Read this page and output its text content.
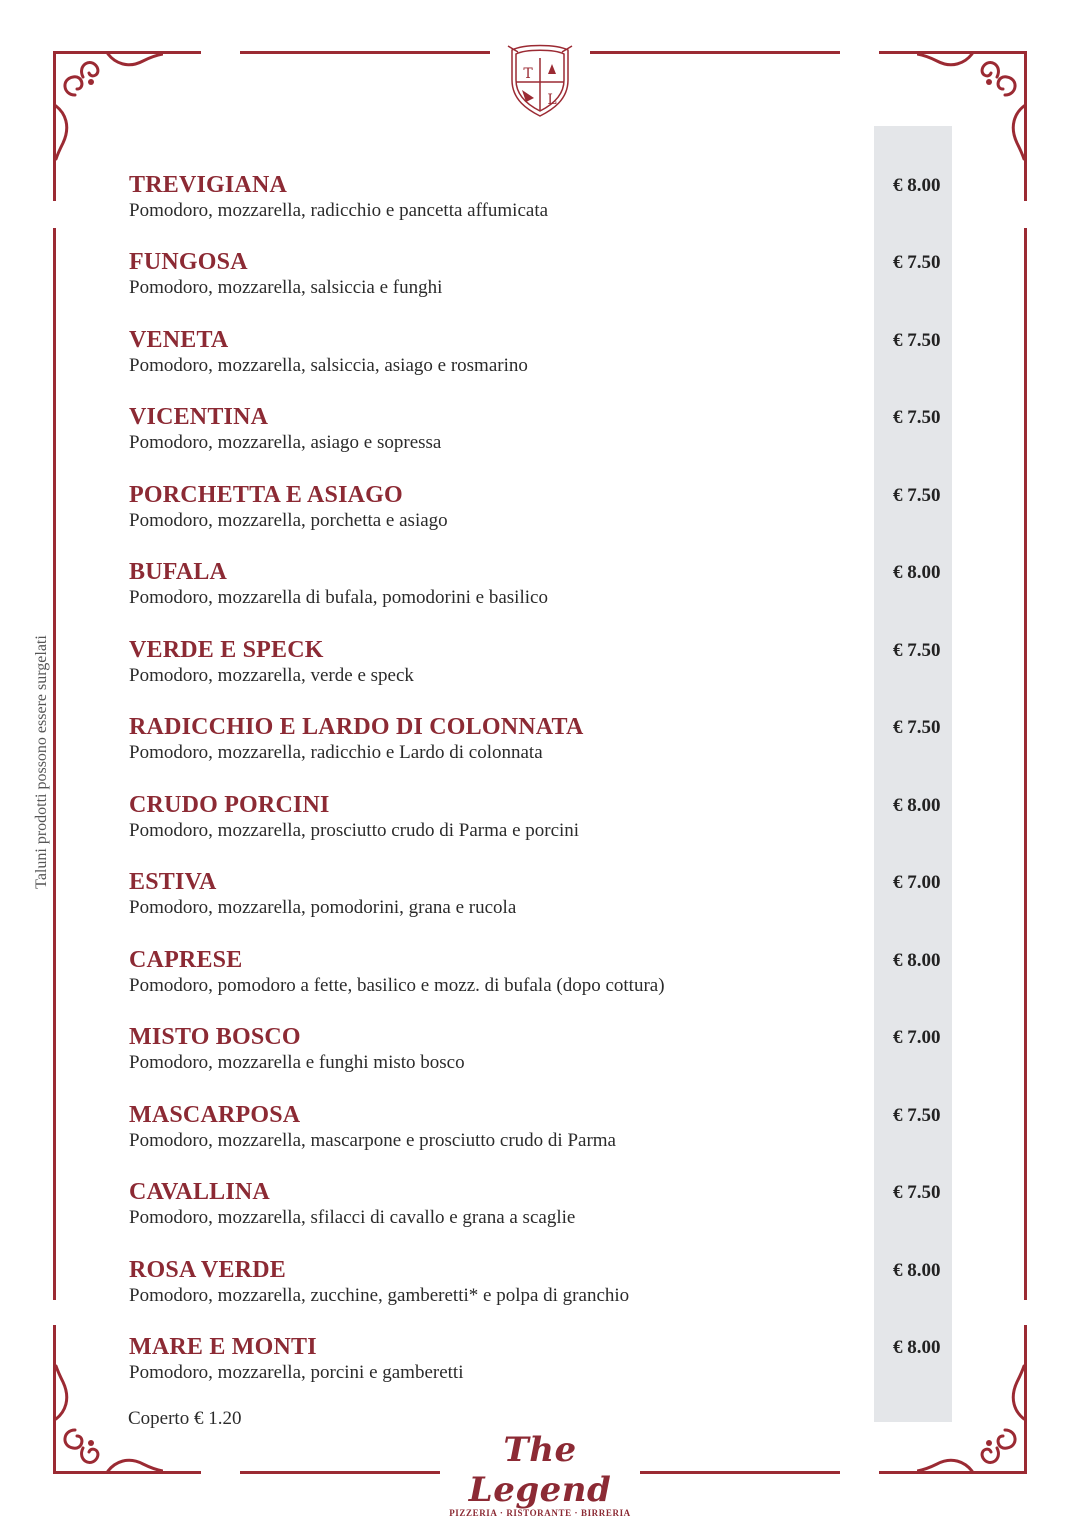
T
L
Taluni prodotti possono essere surgelati
TREVIGIANA
Pomodoro, mozzarella, radicchio e pancetta affumicata
€ 8.00
FUNGOSA
Pomodoro, mozzarella, salsiccia e funghi
€ 7.50
VENETA
Pomodoro, mozzarella, salsiccia, asiago e rosmarino
€ 7.50
VICENTINA
Pomodoro, mozzarella, asiago e sopressa
€ 7.50
PORCHETTA E ASIAGO
Pomodoro, mozzarella, porchetta e asiago
€ 7.50
BUFALA
Pomodoro, mozzarella di bufala, pomodorini e basilico
€ 8.00
VERDE E SPECK
Pomodoro, mozzarella, verde e speck
€ 7.50
RADICCHIO E LARDO DI COLONNATA
Pomodoro, mozzarella, radicchio e Lardo di colonnata
€ 7.50
CRUDO PORCINI
Pomodoro, mozzarella, prosciutto crudo di Parma e porcini
€ 8.00
ESTIVA
Pomodoro, mozzarella, pomodorini, grana e rucola
€ 7.00
CAPRESE
Pomodoro, pomodoro a fette, basilico e mozz. di bufala (dopo cottura)
€ 8.00
MISTO BOSCO
Pomodoro, mozzarella e funghi misto bosco
€ 7.00
MASCARPOSA
Pomodoro, mozzarella, mascarpone e prosciutto crudo di Parma
€ 7.50
CAVALLINA
Pomodoro, mozzarella, sfilacci di cavallo e grana a scaglie
€ 7.50
ROSA VERDE
Pomodoro, mozzarella, zucchine, gamberetti* e polpa di granchio
€ 8.00
MARE E MONTI
Pomodoro, mozzarella, porcini e gamberetti
€ 8.00
Coperto € 1.20
The Legend
PIZZERIA · RISTORANTE · BIRRERIA
